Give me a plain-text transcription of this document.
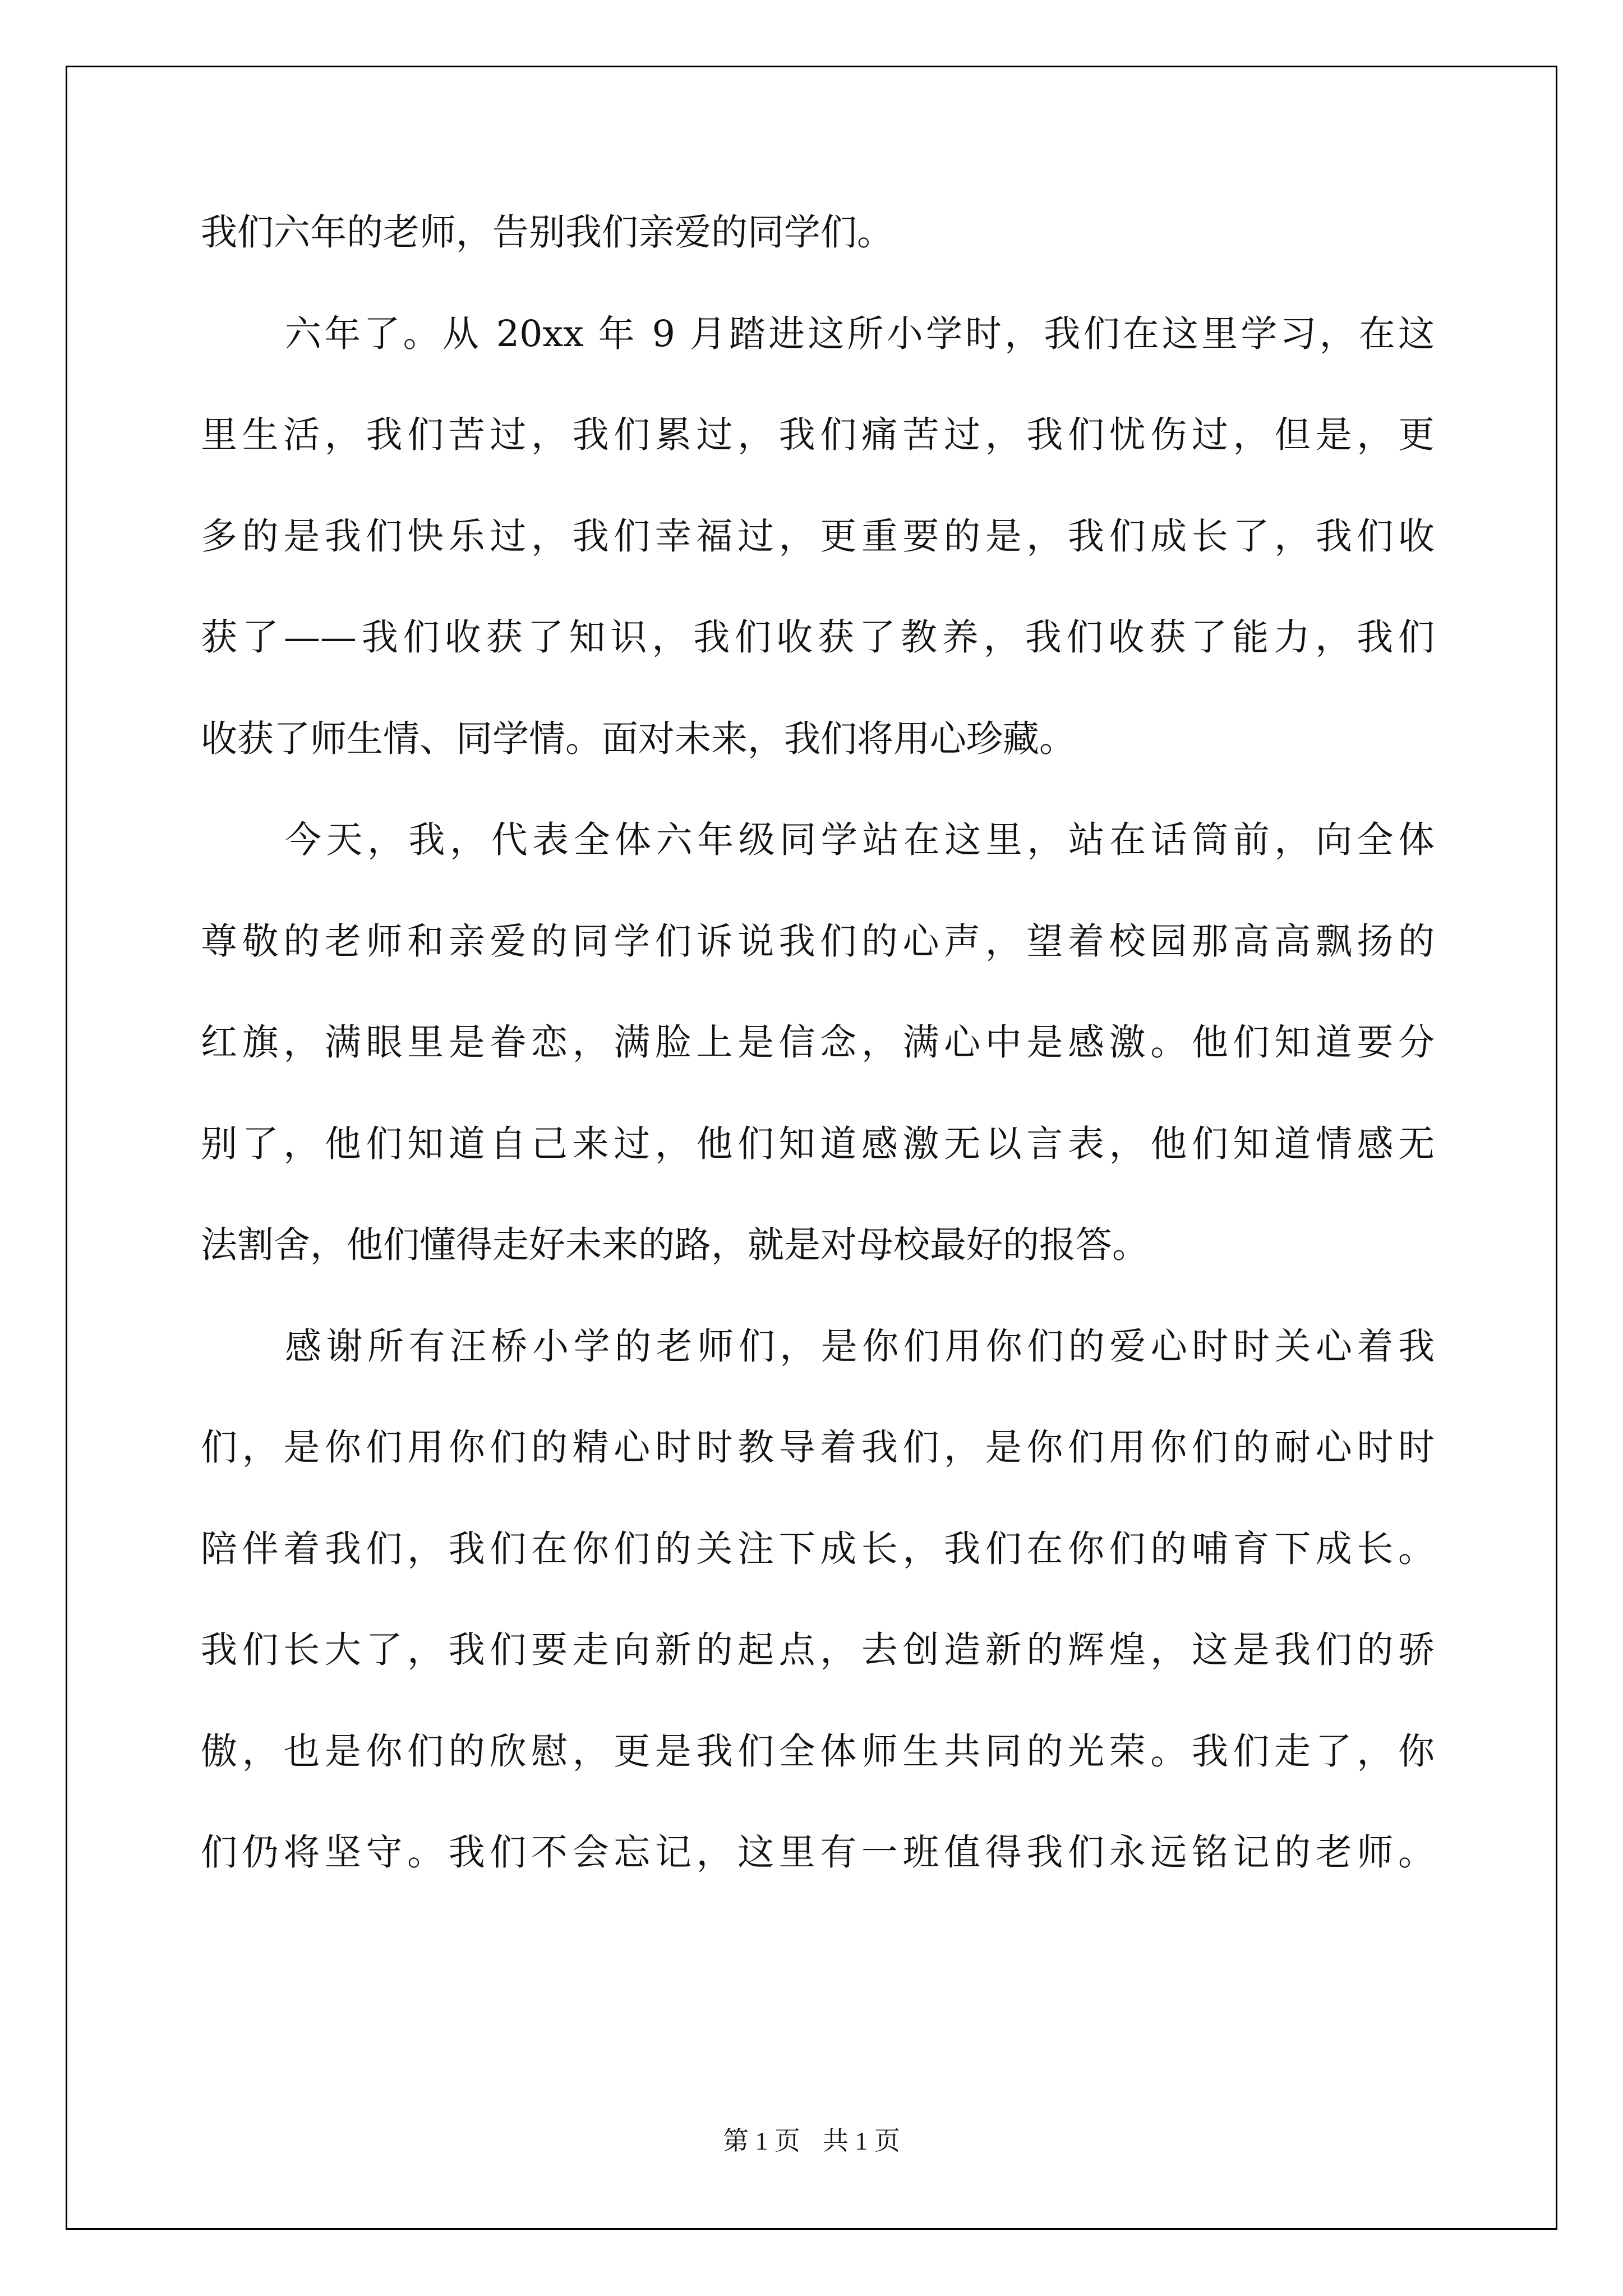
我们六年的老师，告别我们亲爱的同学们。
六年了。从 20xx 年 9 月踏进这所小学时，我们在这里学习，在这
里生活，我们苦过，我们累过，我们痛苦过，我们忧伤过，但是，更
多的是我们快乐过，我们幸福过，更重要的是，我们成长了，我们收
获了——我们收获了知识，我们收获了教养，我们收获了能力，我们
收获了师生情、同学情。面对未来，我们将用心珍藏。
今天，我，代表全体六年级同学站在这里，站在话筒前，向全体
尊敬的老师和亲爱的同学们诉说我们的心声，望着校园那高高飘扬的
红旗，满眼里是眷恋，满脸上是信念，满心中是感激。他们知道要分
别了，他们知道自己来过，他们知道感激无以言表，他们知道情感无
法割舍，他们懂得走好未来的路，就是对母校最好的报答。
感谢所有汪桥小学的老师们，是你们用你们的爱心时时关心着我
们，是你们用你们的精心时时教导着我们，是你们用你们的耐心时时
陪伴着我们，我们在你们的关注下成长，我们在你们的哺育下成长。
我们长大了，我们要走向新的起点，去创造新的辉煌，这是我们的骄
傲，也是你们的欣慰，更是我们全体师生共同的光荣。我们走了，你
们仍将坚守。我们不会忘记，这里有一班值得我们永远铭记的老师。
第 1 页 共 1 页
